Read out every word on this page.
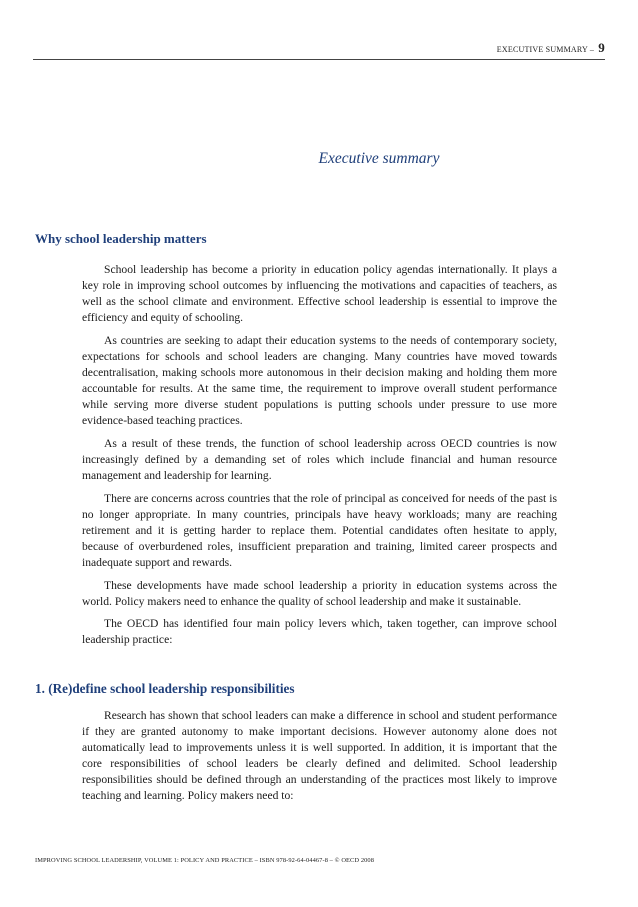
EXECUTIVE SUMMARY – 9
Executive summary
Why school leadership matters

School leadership has become a priority in education policy agendas internationally. It plays a key role in improving school outcomes by influencing the motivations and capacities of teachers, as well as the school climate and environment. Effective school leadership is essential to improve the efficiency and equity of schooling.

As countries are seeking to adapt their education systems to the needs of contemporary society, expectations for schools and school leaders are changing. Many countries have moved towards decentralisation, making schools more autonomous in their decision making and holding them more accountable for results. At the same time, the requirement to improve overall student performance while serving more diverse student populations is putting schools under pressure to use more evidence-based teaching practices.

As a result of these trends, the function of school leadership across OECD countries is now increasingly defined by a demanding set of roles which include financial and human resource management and leadership for learning.

There are concerns across countries that the role of principal as conceived for needs of the past is no longer appropriate. In many countries, principals have heavy workloads; many are reaching retirement and it is getting harder to replace them. Potential candidates often hesitate to apply, because of overburdened roles, insufficient preparation and training, limited career prospects and inadequate support and rewards.

These developments have made school leadership a priority in education systems across the world. Policy makers need to enhance the quality of school leadership and make it sustainable.

The OECD has identified four main policy levers which, taken together, can improve school leadership practice:

1. (Re)define school leadership responsibilities

Research has shown that school leaders can make a difference in school and student performance if they are granted autonomy to make important decisions. However autonomy alone does not automatically lead to improvements unless it is well supported. In addition, it is important that the core responsibilities of school leaders be clearly defined and delimited. School leadership responsibilities should be defined through an understanding of the practices most likely to improve teaching and learning. Policy makers need to:

IMPROVING SCHOOL LEADERSHIP, VOLUME 1: POLICY AND PRACTICE – ISBN 978-92-64-04467-8 – © OECD 2008
